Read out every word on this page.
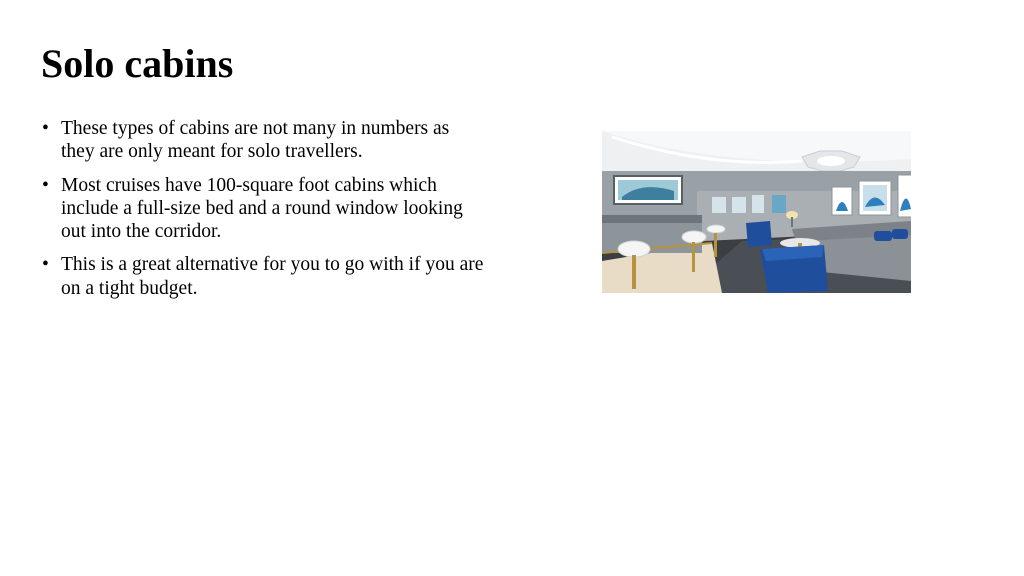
Solo cabins
• These types of cabins are not many in numbers as they are only meant for solo travellers.
• Most cruises have 100-square foot cabins which include a full-size bed and a round window looking out into the corridor.
• This is a great alternative for you to go with if you are on a tight budget.
